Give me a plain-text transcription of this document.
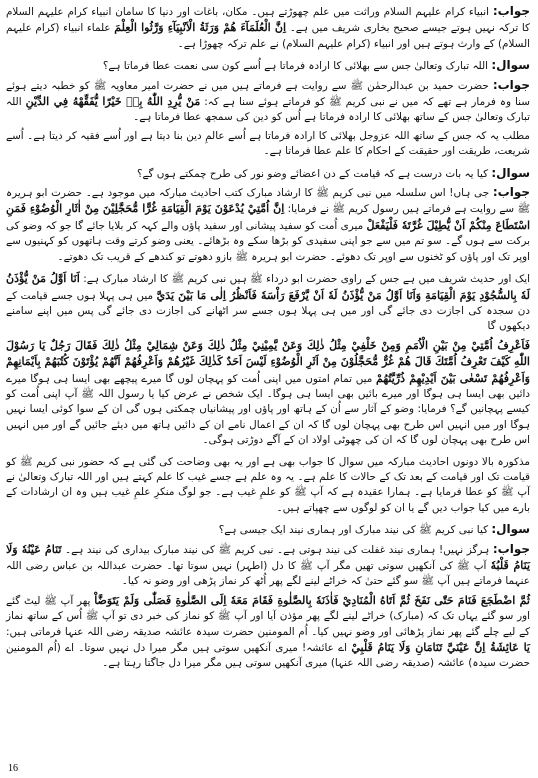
جواب: انبیاء کرام علیہم السلام وراثت میں علم چھوڑتے ہیں۔ مکان، باغات اور دنیا کا سامان انبیاء کرام علیہم السلام کا ترکہ نہیں ہوتے جیسے صحیح بخاری شریف میں ہے۔ اِنَّ الْعُلَمَآءَ هُمْ وَرَثَةُ الْاَنْبِيَآءِ وَرَّثُوا الْعِلْمَ علماء انبیاء (کرام علیہم السلام) کے وارث ہوتے ہیں اور انبیاء (کرام علیہم السلام) نے علم ترکہ چھوڑا ہے۔
سوال: اللہ تبارک وتعالیٰ جس سے بھلائی کا ارادہ فرماتا ہے اُسے کون سی نعمت عطا فرماتا ہے؟
جواب: حضرت حمید بن عبدالرحمٰن ﷺ سے روایت ہے فرماتے ہیں میں نے حضرت امیر معاویہ ﷺ کو خطبہ دیتے ہوئے سنا وہ فرمار ہے تھے کہ میں نے نبی کریم ﷺ کو فرماتے ہوئے سنا ہے کہ: مَنْ يُّرِدِ اللّٰهُ بِهٖ خَيْرًا يُّفَقِّهْهُ فِي الدِّيْنِ اللہ تبارک وتعالیٰ جس کے ساتھ بھلائی کا ارادہ فرماتا ہے اُس کو دین کی سمجھ عطا فرماتا ہے۔
مطلب یہ کہ جس کے ساتھ اللہ عزوجل بھلائی کا ارادہ فرماتا ہے اُسے عالمِ دین بنا دیتا ہے اور اُسے فقیہ کر دیتا ہے۔ اُسے شریعت، طریقت اور حقیقت کے احکام کا علم عطا فرماتا ہے۔
سوال: کیا یہ بات درست ہے کہ قیامت کے دن اعضائے وضو نور کی طرح چمکتے ہوں گے؟
جواب: جی ہاں! اس سلسلہ میں نبی کریم ﷺ کا ارشاد مبارک کتب احادیث مبارکہ میں موجود ہے۔ حضرت ابو ہریرہ ﷺ سے روایت ہے فرماتے ہیں رسول کریم ﷺ نے فرمایا: اِنَّ اُمَّتِيْ يُدْعَوْنَ يَوْمَ الْقِيَامَةِ غُرًّا مُّحَجَّلِيْنَ مِنْ اٰثَارِ الْوُضُوْءِ فَمَنِ اسْتَطَاعَ مِنْكُمْ اَنْ يُّطِيْلَ غُرَّتَهٗ فَلْيَفْعَلْ میری اُمت کو سفید پیشانی اور سفید پاؤں والے کہہ کر بلایا جائے گا جو کہ وضو کی برکت سے ہوں گے۔ سو تم میں سے جو اپنی سفیدی کو بڑھا سکے وہ بڑھائے۔ یعنی وضو کرتے وقت ہاتھوں کو کہنیوں سے اوپر تک اور پاؤں کو ٹخنوں سے اوپر تک دھوئے۔ حضرت ابو ہریرہ ﷺ بازو دھوتے تو کندھے کے قریب تک دھوتے۔
ایک اور حدیث شریف میں ہے جس کے راوی حضرت ابو درداء ﷺ ہیں نبی کریم ﷺ کا ارشاد مبارک ہے: اَنَا اَوَّلُ مَنْ يُّؤْذَنُ لَهٗ بِالسُّجُوْدِ يَوْمَ الْقِيَامَةِ وَاَنَا اَوَّلُ مَنْ يُّؤْذَنُ لَهٗ اَنْ يَّرْفَعَ رَاْسَهٗ فَاَنْظُرُ اِلٰى مَا بَيْنَ يَدَيَّ میں ہی پہلا ہوں جسے قیامت کے دن سجدہ کی اجازت دی جائے گی اور میں ہی پہلا ہوں جسے سر اٹھانے کی اجازت دی جائے گی پس میں اپنے سامنے دیکھوں گا
فَاَعْرِفُ اُمَّتِيْ مِنْ بَيْنِ الْاُمَمِ وَمِنْ خَلْفِيْ مِثْلُ ذٰلِكَ وَعَنْ يَّمِيْنِيْ مِثْلُ ذٰلِكَ وَعَنْ شِمَالِيْ مِثْلُ ذٰلِكَ فَقَالَ رَجُلٌ يَا رَسُوْلَ اللّٰهِ كَيْفَ تَعْرِفُ اُمَّتَكَ قَالَ هُمْ غُرٌّ مُّحَجَّلُوْنَ مِنْ اَثَرِ الْوُضُوْءِ لَيْسَ اَحَدٌ كَذٰلِكَ غَيْرُهُمْ وَاَعْرِفُهُمْ اَنَّهُمْ يُؤْتَوْنَ كُتُبَهُمْ بِاَيْمَانِهِمْ وَاَعْرِفُهُمْ تَسْعٰى بَيْنَ اَيْدِيْهِمْ ذُرِّيَّتُهُمْ میں تمام امتوں میں اپنی اُمت کو پہچان لوں گا میرے پیچھے بھی ایسا ہی ہوگا میرے دائیں بھی ایسا ہی ہوگا اور میرے بائیں بھی ایسا ہی ہوگا۔ ایک شخص نے عرض کیا یا رسول اللہ ﷺ آپ اپنی اُمت کو کیسے پہچانیں گے؟ فرمایا: وضو کے آثار سے اُن کے ہاتھ اور پاؤں اور پیشانیاں چمکتی ہوں گی ان کے سوا کوئی ایسا نہیں ہوگا اور میں انہیں اس طرح بھی پہچان لوں گا کہ ان کے اعمال نامے ان کے دائیں ہاتھ میں دیئے جائیں گے اور میں انہیں اس طرح بھی پہچان لوں گا کہ ان کی چھوٹی اولاد ان کے آگے دوڑتی ہوگی۔
مذکورہ بالا دونوں احادیث مبارکہ میں سوال کا جواب بھی ہے اور یہ بھی وضاحت کی گئی ہے کہ حضور نبی کریم ﷺ کو قیامت تک اور قیامت کے بعد تک کے حالات کا علم ہے۔ یہ وہ علم ہے جسے غیب کا علم کہتے ہیں اور اللہ تبارک وتعالیٰ نے آپ ﷺ کو عطا فرمایا ہے۔ ہمارا عقیدہ ہے کہ آپ ﷺ کو علمِ غیب ہے۔ جو لوگ منکرِ علمِ غیب ہیں وہ ان ارشادات کے بارے میں کیا جواب دیں گے یا ان کو لوگوں سے چھپاتے ہیں۔
سوال: کیا نبی کریم ﷺ کی نیند مبارک اور ہماری نیند ایک جیسی ہے؟
جواب: ہرگز نہیں! ہماری نیند غفلت کی نیند ہوتی ہے۔ نبی کریم ﷺ کی نیند مبارک بیداری کی نیند ہے۔ تَنَامُ عَيْنُهٗ وَلَا يَنَامُ قَلْبُهٗ آپ ﷺ کی آنکھیں سوتی تھیں مگر آپ ﷺ کا دل (اطہر) نہیں سوتا تھا۔ حضرت عبداللہ بن عباس رضی اللہ عنہما فرماتے ہیں آپ ﷺ سو گئے حتیٰ کہ خراٹے لینے لگے پھر اُٹھ کر نماز پڑھی اور وضو نہ کیا۔
ثُمَّ اضْطَجَعَ فَنَامَ حَتّٰى نَفَخَ ثُمَّ اَتَاهُ الْمُنَادِيْ فَاٰذَنَهٗ بِالصَّلٰوةِ فَقَامَ مَعَهٗ اِلَى الصَّلٰوةِ فَصَلّٰى وَلَمْ يَتَوَضَّاْ پھر آپ ﷺ لیٹ گئے اور سو گئے یہاں تک کہ (مبارک) خراٹے لینے لگے پھر مؤذن آیا اور آپ ﷺ کو نماز کی خبر دی تو آپ ﷺ اُس کے ساتھ نماز کے لیے چلے گئے پھر نماز پڑھائی اور وضو نہیں کیا۔ اُم المومنین حضرت سیدہ عائشہ صدیقہ رضی اللہ عنہا فرماتی ہیں: يَا عَائِشَةُ اِنَّ عَيْنَيَّ تَنَامَانِ وَلَا يَنَامُ قَلْبِيْ اے عائشہ! میری آنکھیں سوتی ہیں مگر میرا دل نہیں سوتا۔ اے (اُم المومنین حضرت سیدہ) عائشہ (صدیقہ رضی اللہ عنہا) میری آنکھیں سوتی ہیں مگر میرا دل جاگتا رہتا ہے۔
16
